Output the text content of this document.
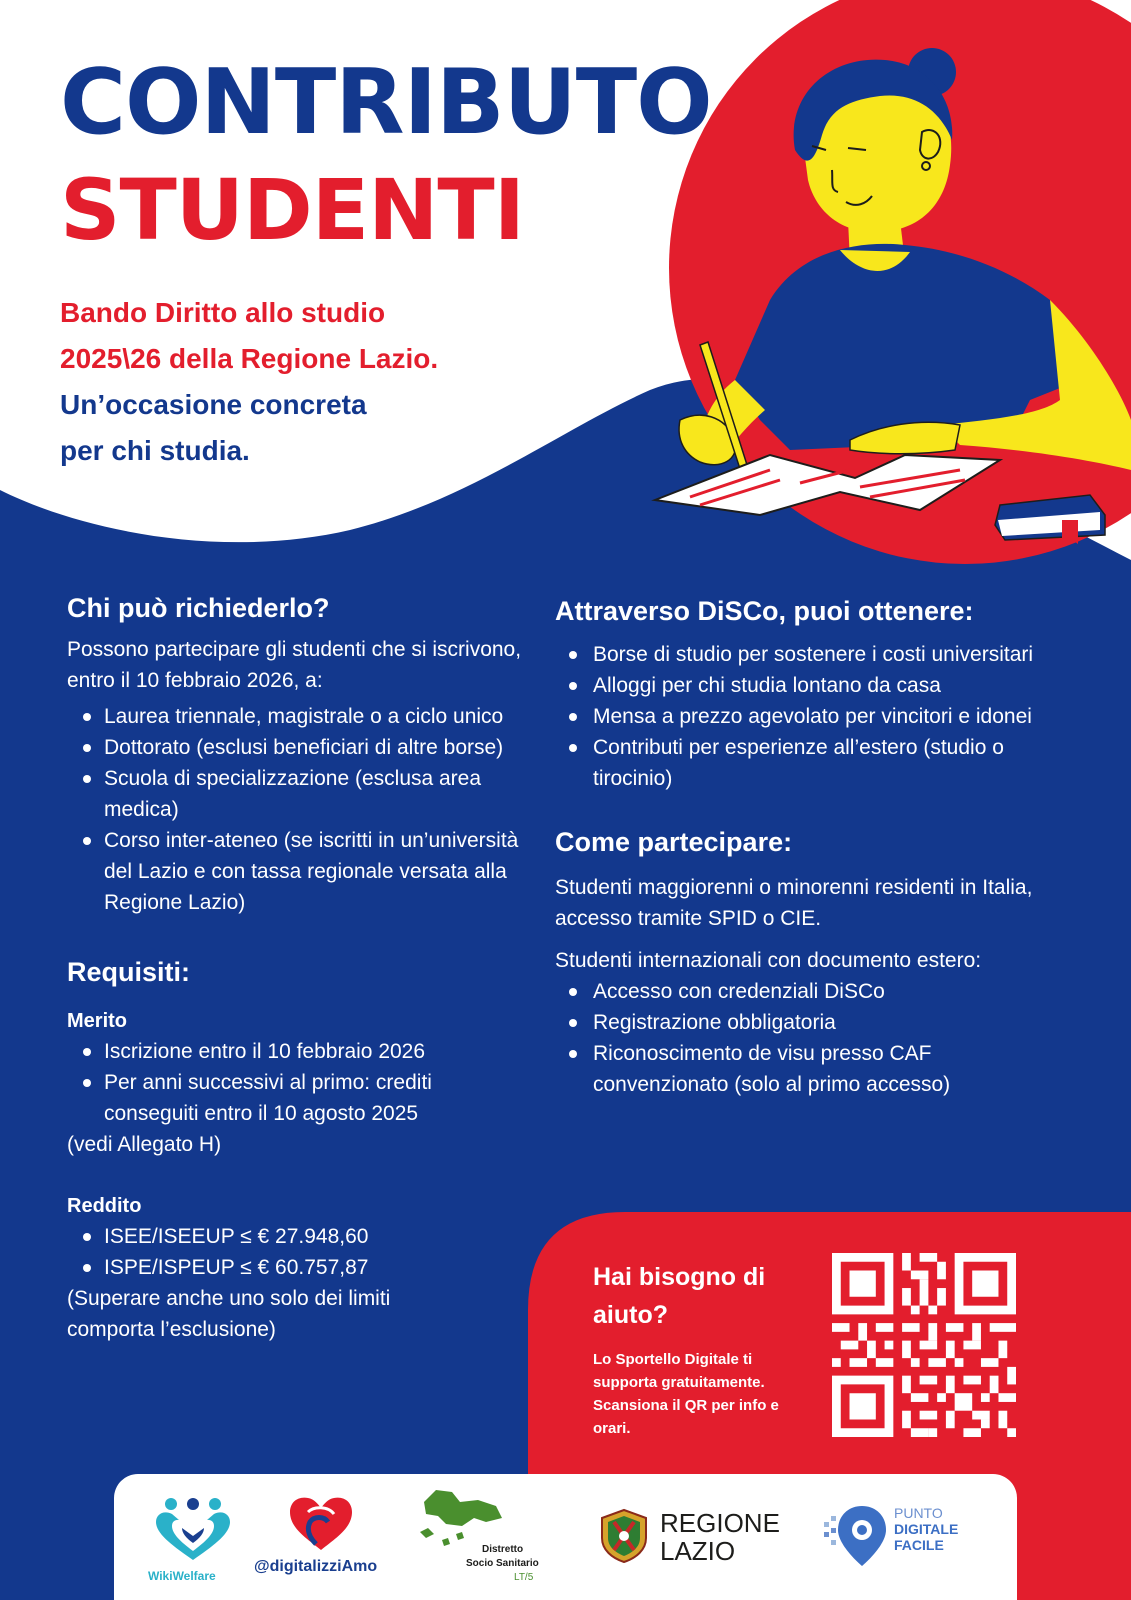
CONTRIBUTO
STUDENTI
Bando Diritto allo studio
2025\26 della Regione Lazio.
Un’occasione concreta
per chi studia.
Chi può richiederlo?

Possono partecipare gli studenti che si iscrivono, entro il 10 febbraio 2026, a:

Laurea triennale, magistrale o a ciclo unico
Dottorato (esclusi beneficiari di altre borse)
Scuola di specializzazione (esclusa area medica)
Corso inter-ateneo (se iscritti in un’università del Lazio e con tassa regionale versata alla Regione Lazio)
Requisiti:
Merito
Iscrizione entro il 10 febbraio 2026
Per anni successivi al primo: crediti conseguiti entro il 10 agosto 2025

(vedi Allegato H)

Reddito
ISEE/ISEEUP ≤ € 27.948,60
ISPE/ISPEUP ≤ € 60.757,87

(Superare anche uno solo dei limiti comporta l’esclusione)

Attraverso DiSCo, puoi ottenere:
Borse di studio per sostenere i costi universitari
Alloggi per chi studia lontano da casa
Mensa a prezzo agevolato per vincitori e idonei
Contributi per esperienze all’estero (studio o tirocinio)
Come partecipare:

Studenti maggiorenni o minorenni residenti in Italia, accesso tramite SPID o CIE.

Studenti internazionali con documento estero:

Accesso con credenziali DiSCo
Registrazione obbligatoria
Riconoscimento de visu presso CAF convenzionato (solo al primo accesso)
Hai bisogno di aiuto?
Lo Sportello Digitale ti supporta gratuitamente. Scansiona il QR per info e orari.
WikiWelfare
@digitalizziAmo
Distretto
Socio Sanitario
LT/5
REGIONE
LAZIO
PUNTO
DIGITALE
FACILE
